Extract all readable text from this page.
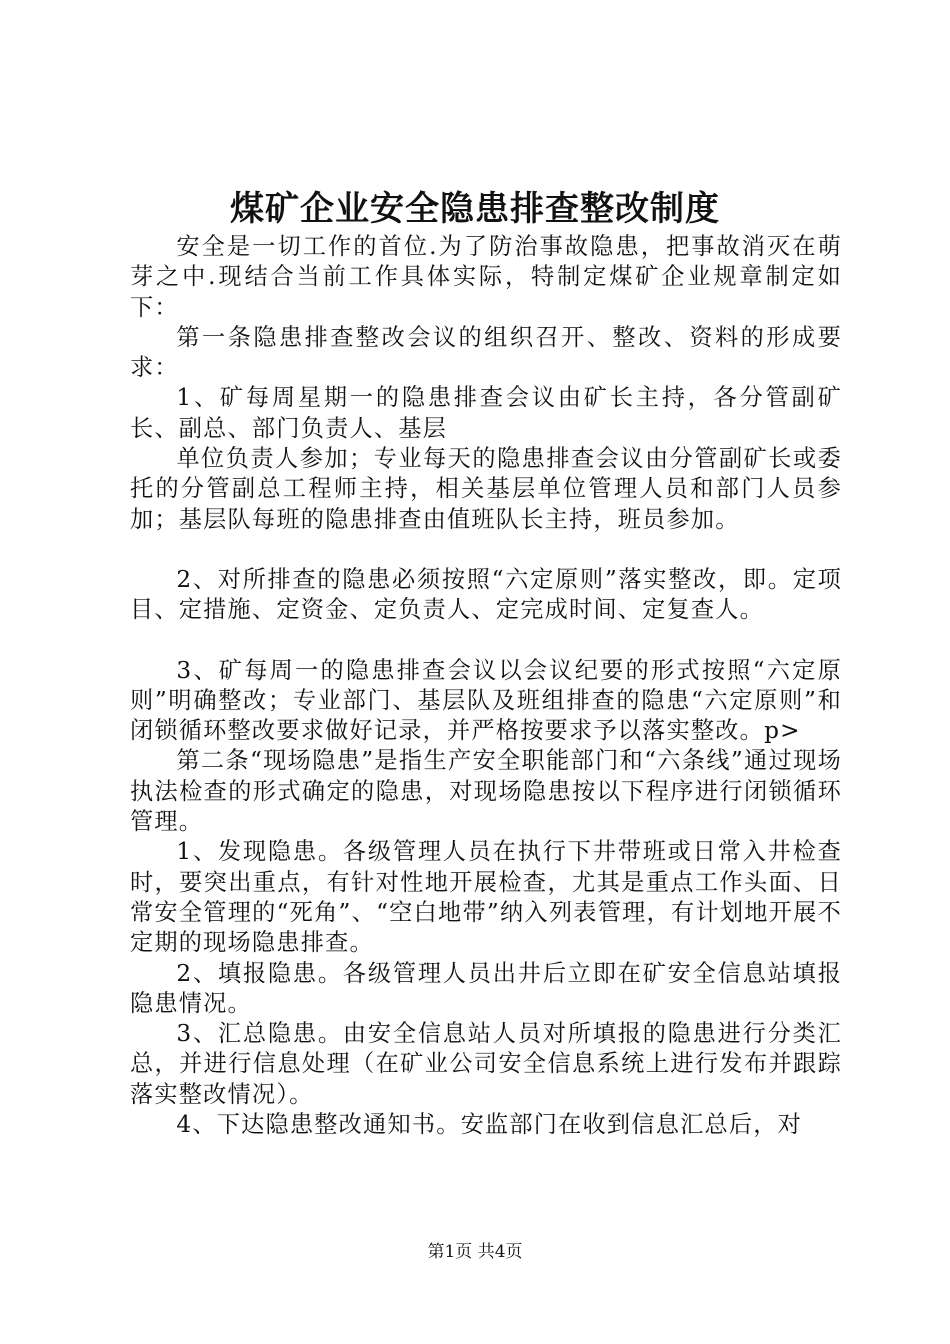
煤矿企业安全隐患排查整改制度

安全是一切工作的首位.为了防治事故隐患，把事故消灭在萌芽之中.现结合当前工作具体实际，特制定煤矿企业规章制定如下：

第一条隐患排查整改会议的组织召开、整改、资料的形成要求：

1、矿每周星期一的隐患排查会议由矿长主持，各分管副矿长、副总、部门负责人、基层

单位负责人参加；专业每天的隐患排查会议由分管副矿长或委托的分管副总工程师主持，相关基层单位管理人员和部门人员参加；基层队每班的隐患排查由值班队长主持，班员参加。

2、对所排查的隐患必须按照“六定原则”落实整改，即。定项目、定措施、定资金、定负责人、定完成时间、定复查人。

3、矿每周一的隐患排查会议以会议纪要的形式按照“六定原则”明确整改；专业部门、基层队及班组排查的隐患“六定原则”和闭锁循环整改要求做好记录，并严格按要求予以落实整改。p>

第二条“现场隐患”是指生产安全职能部门和“六条线”通过现场执法检查的形式确定的隐患，对现场隐患按以下程序进行闭锁循环管理。

1、发现隐患。各级管理人员在执行下井带班或日常入井检查时，要突出重点，有针对性地开展检查，尤其是重点工作头面、日常安全管理的“死角”、“空白地带”纳入列表管理，有计划地开展不定期的现场隐患排查。

2、填报隐患。各级管理人员出井后立即在矿安全信息站填报隐患情况。

3、汇总隐患。由安全信息站人员对所填报的隐患进行分类汇总，并进行信息处理（在矿业公司安全信息系统上进行发布并跟踪落实整改情况）。

4、下达隐患整改通知书。安监部门在收到信息汇总后，对

第1页 共4页
